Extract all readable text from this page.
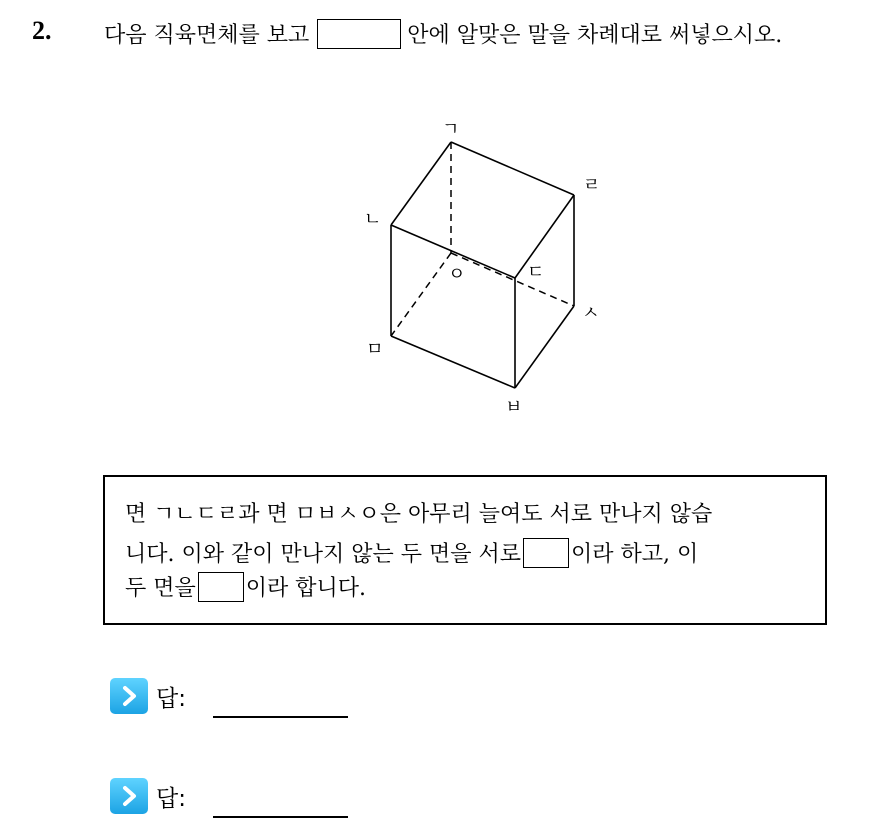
2. 다음 직육면체를 보고	안에 알맞은 말을 차례대로 써넣으시오.
ㄱ
ㄴ
ㄹ
ㅇ	ㄷ
ㅅ
ㅁ
ㅂ
면 ㄱㄴㄷㄹ과 면 ㅁㅂㅅㅇ은 아무리 늘여도 서로 만나지 않습
니다. 이와 같이 만나지 않는 두 면을 서로 이라 하고, 이
두 면을 이라 합니다.
답:
답:
